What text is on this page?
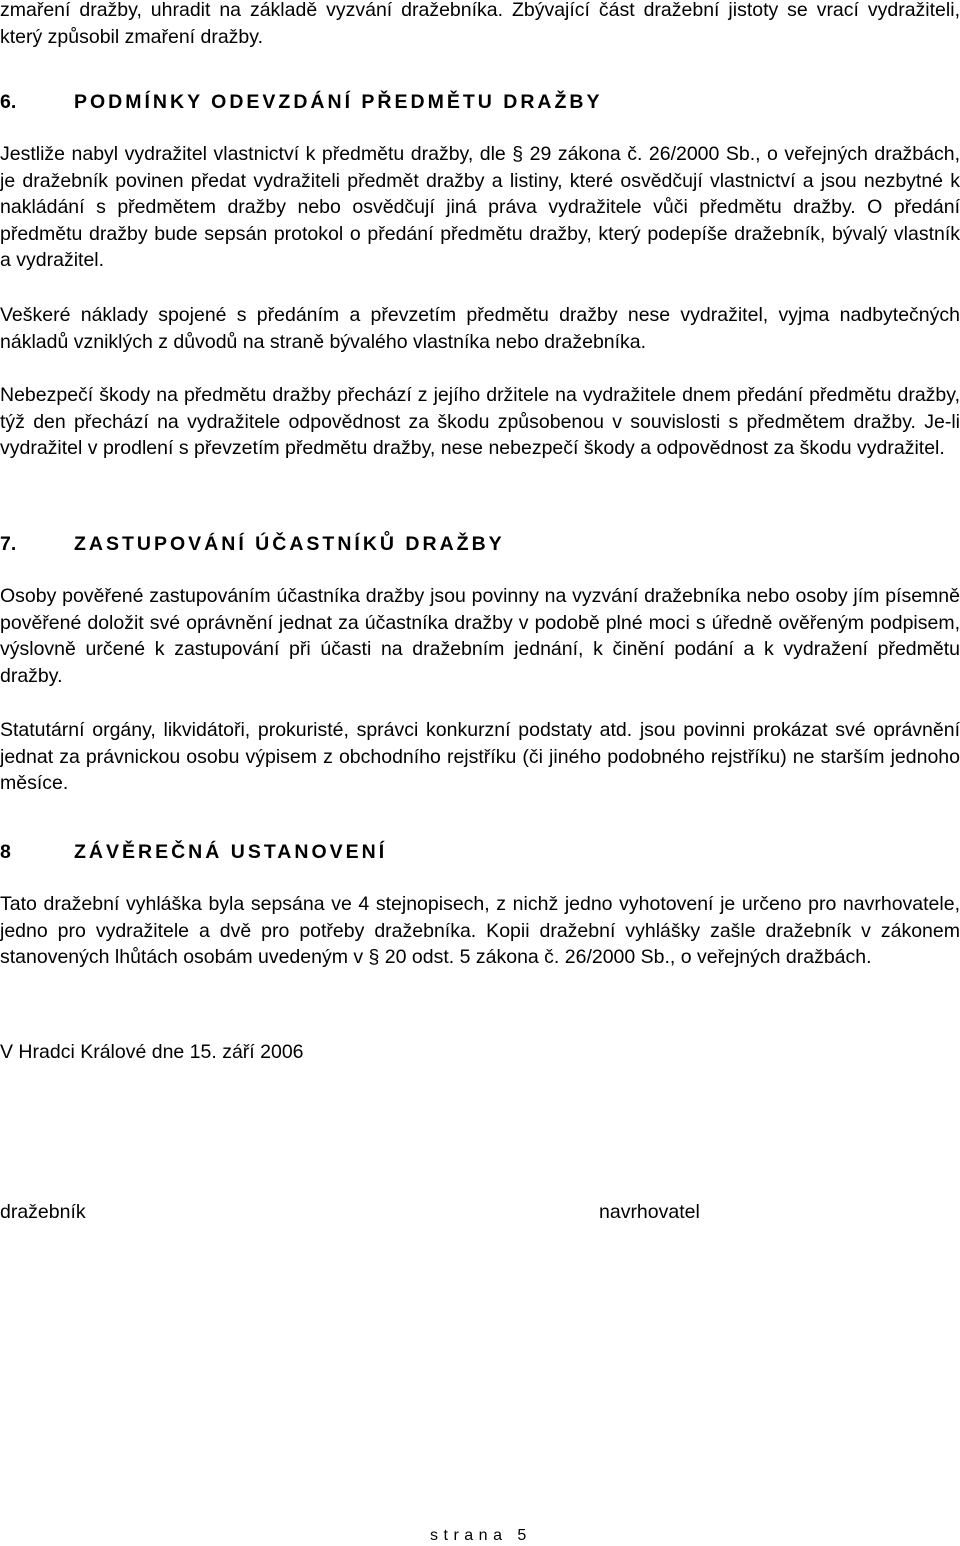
zmaření dražby, uhradit na základě vyzvání dražebníka. Zbývající část dražební jistoty se vrací vydražiteli, který způsobil zmaření dražby.

6.	PODMÍNKY ODEVZDÁNÍ PŘEDMĚTU DRAŽBY

Jestliže nabyl vydražitel vlastnictví k předmětu dražby, dle § 29 zákona č. 26/2000 Sb., o veřejných dražbách, je dražebník povinen předat vydražiteli předmět dražby a listiny, které osvědčují vlastnictví a jsou nezbytné k nakládání s předmětem dražby nebo osvědčují jiná práva vydražitele vůči předmětu dražby. O předání předmětu dražby bude sepsán protokol o předání předmětu dražby, který podepíše dražebník, bývalý vlastník a vydražitel.

Veškeré náklady spojené s předáním a převzetím předmětu dražby nese vydražitel, vyjma nadbytečných nákladů vzniklých z důvodů na straně bývalého vlastníka nebo dražebníka.

Nebezpečí škody na předmětu dražby přechází z jejího držitele na vydražitele dnem předání předmětu dražby, týž den přechází na vydražitele odpovědnost za škodu způsobenou v souvislosti s předmětem dražby. Je-li vydražitel v prodlení s převzetím předmětu dražby, nese nebezpečí škody a odpovědnost za škodu vydražitel.

7.	ZASTUPOVÁNÍ ÚČASTNÍKŮ DRAŽBY

Osoby pověřené zastupováním účastníka dražby jsou povinny na vyzvání dražebníka nebo osoby jím písemně pověřené doložit své oprávnění jednat za účastníka dražby v podobě plné moci s úředně ověřeným podpisem, výslovně určené k zastupování při účasti na dražebním jednání, k činění podání a k vydražení předmětu dražby.

Statutární orgány, likvidátoři, prokuristé, správci konkurzní podstaty atd. jsou povinni prokázat své oprávnění jednat za právnickou osobu výpisem z obchodního rejstříku (či jiného podobného rejstříku) ne starším jednoho měsíce.

8	ZÁVĚREČNÁ USTANOVENÍ

Tato dražební vyhláška byla sepsána ve 4 stejnopisech, z nichž jedno vyhotovení je určeno pro navrhovatele, jedno pro vydražitele a dvě pro potřeby dražebníka. Kopii dražební vyhlášky zašle dražebník v zákonem stanovených lhůtách osobám uvedeným v § 20 odst. 5 zákona č. 26/2000 Sb., o veřejných dražbách.

V Hradci Králové dne 15. září 2006

dražebník	navrhovatel
strana 5
